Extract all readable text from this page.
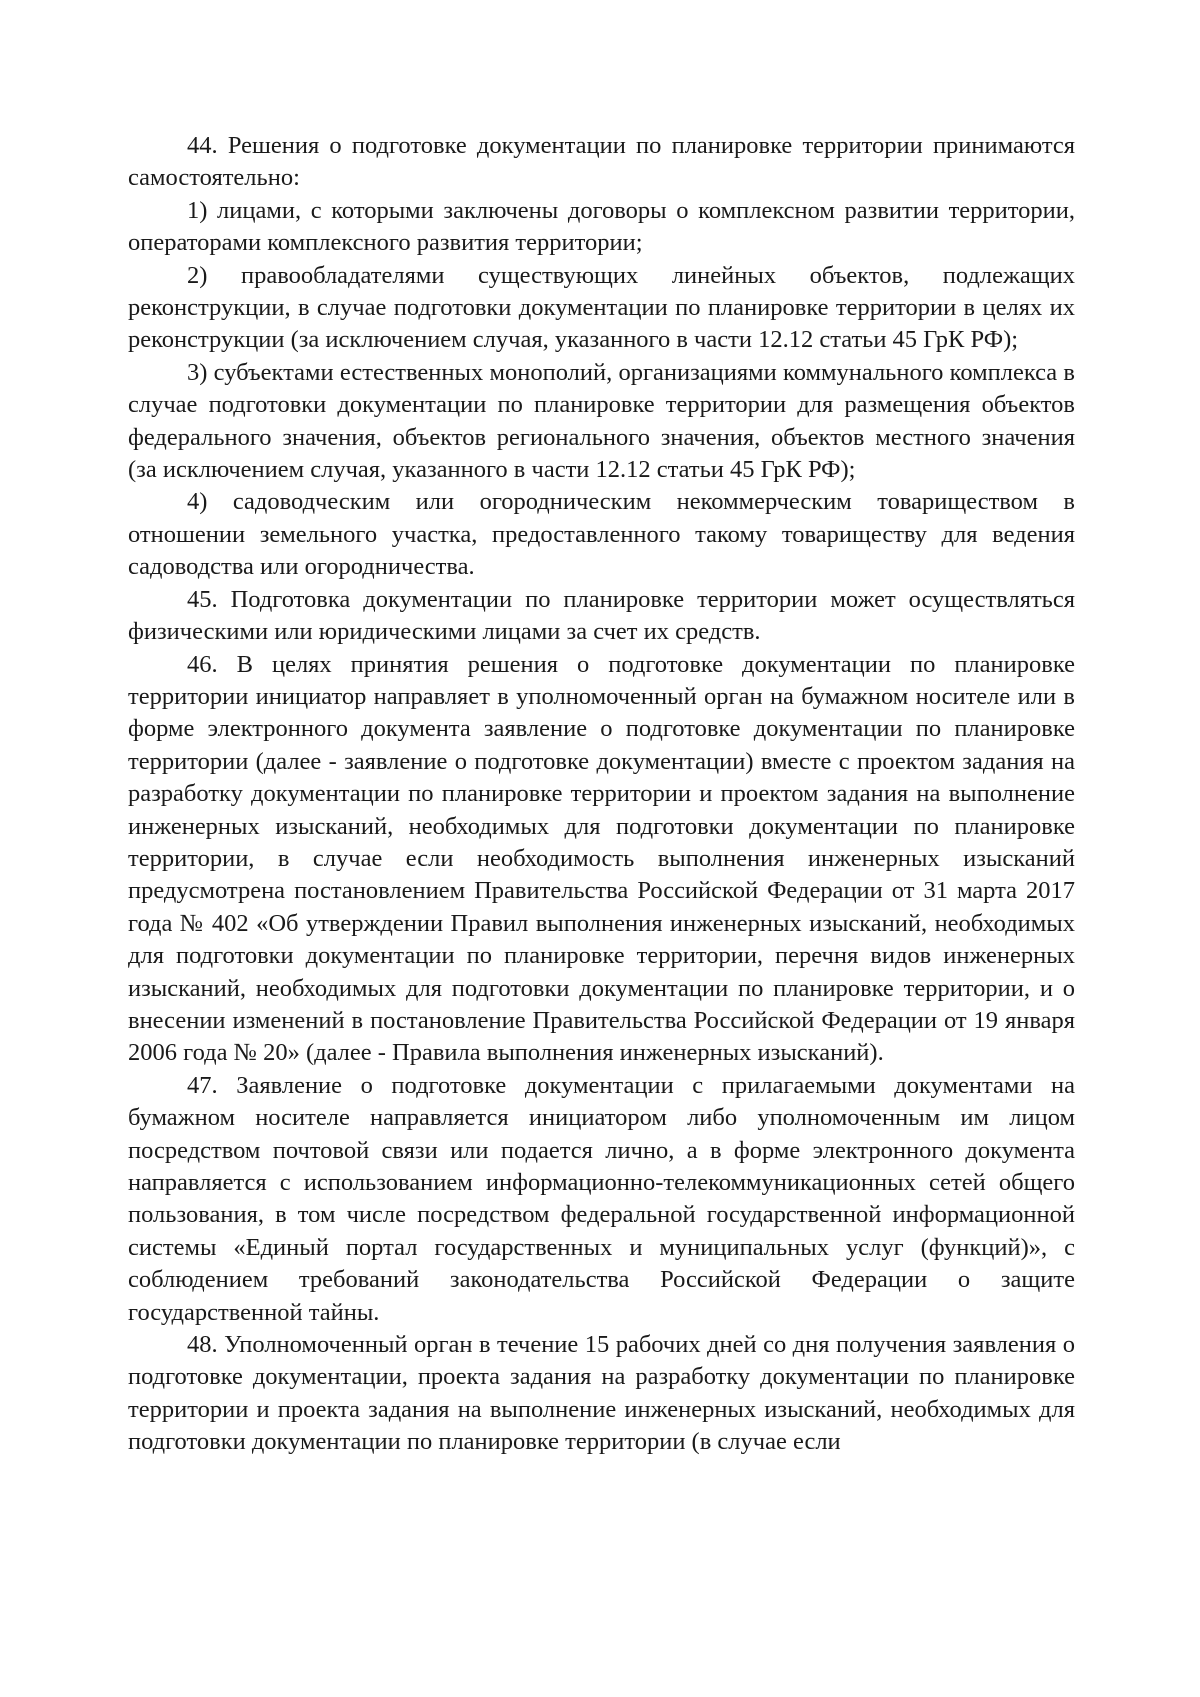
44. Решения о подготовке документации по планировке территории принимаются самостоятельно:

1) лицами, с которыми заключены договоры о комплексном развитии территории, операторами комплексного развития территории;

2) правообладателями существующих линейных объектов, подлежащих реконструкции, в случае подготовки документации по планировке территории в целях их реконструкции (за исключением случая, указанного в части 12.12 статьи 45 ГрК РФ);

3) субъектами естественных монополий, организациями коммунального комплекса в случае подготовки документации по планировке территории для размещения объектов федерального значения, объектов регионального значения, объектов местного значения (за исключением случая, указанного в части 12.12 статьи 45 ГрК РФ);

4) садоводческим или огородническим некоммерческим товариществом в отношении земельного участка, предоставленного такому товариществу для ведения садоводства или огородничества.

45. Подготовка документации по планировке территории может осуществляться физическими или юридическими лицами за счет их средств.

46. В целях принятия решения о подготовке документации по планировке территории инициатор направляет в уполномоченный орган на бумажном носителе или в форме электронного документа заявление о подготовке документации по планировке территории (далее - заявление о подготовке документации) вместе с проектом задания на разработку документации по планировке территории и проектом задания на выполнение инженерных изысканий, необходимых для подготовки документации по планировке территории, в случае если необходимость выполнения инженерных изысканий предусмотрена постановлением Правительства Российской Федерации от 31 марта 2017 года № 402 «Об утверждении Правил выполнения инженерных изысканий, необходимых для подготовки документации по планировке территории, перечня видов инженерных изысканий, необходимых для подготовки документации по планировке территории, и о внесении изменений в постановление Правительства Российской Федерации от 19 января 2006 года № 20» (далее - Правила выполнения инженерных изысканий).

47. Заявление о подготовке документации с прилагаемыми документами на бумажном носителе направляется инициатором либо уполномоченным им лицом посредством почтовой связи или подается лично, а в форме электронного документа направляется с использованием информационно-телекоммуникационных сетей общего пользования, в том числе посредством федеральной государственной информационной системы «Единый портал государственных и муниципальных услуг (функций)», с соблюдением требований законодательства Российской Федерации о защите государственной тайны.

48. Уполномоченный орган в течение 15 рабочих дней со дня получения заявления о подготовке документации, проекта задания на разработку документации по планировке территории и проекта задания на выполнение инженерных изысканий, необходимых для подготовки документации по планировке территории (в случае если
